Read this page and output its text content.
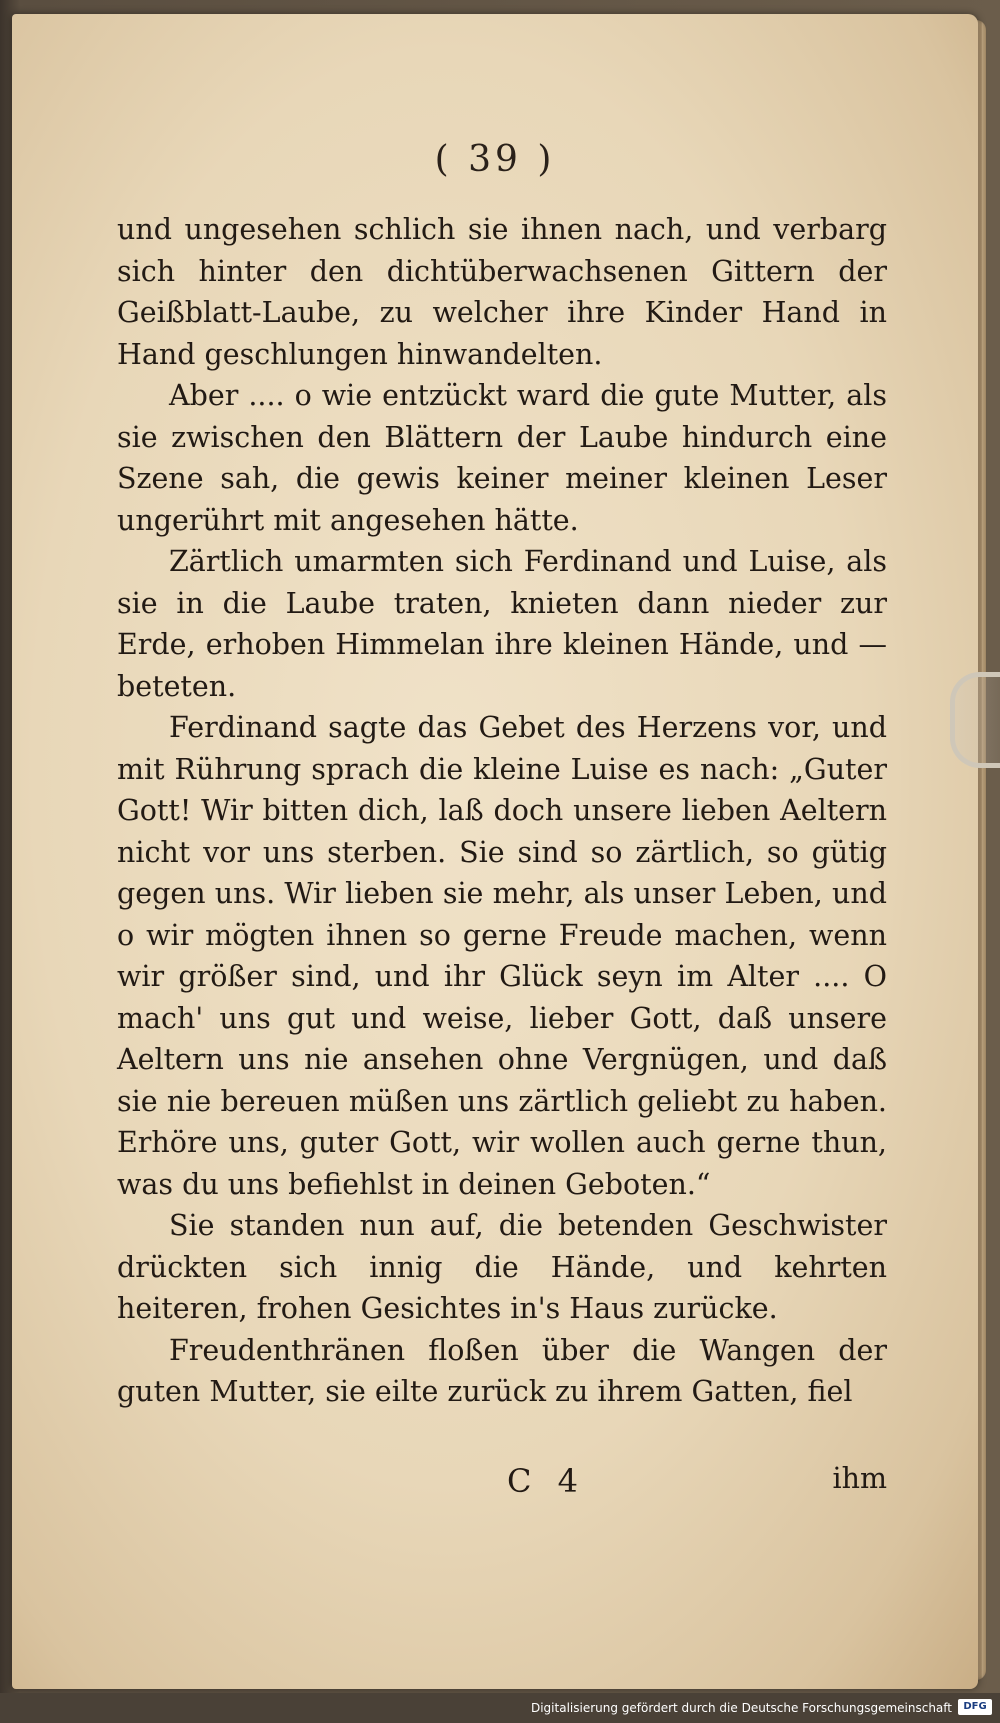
( 39 )

und ungesehen schlich sie ihnen nach, und verbarg sich hinter den dichtüberwachsenen Gittern der Geißblatt-Laube, zu welcher ihre Kinder Hand in Hand geschlungen hinwandelten.

Aber .... o wie entzückt ward die gute Mutter, als sie zwischen den Blättern der Laube hindurch eine Szene sah, die gewis keiner meiner kleinen Leser ungerührt mit angesehen hätte.

Zärtlich umarmten sich Ferdinand und Luise, als sie in die Laube traten, knieten dann nieder zur Erde, erhoben Himmelan ihre kleinen Hände, und — beteten.

Ferdinand sagte das Gebet des Herzens vor, und mit Rührung sprach die kleine Luise es nach: „Guter Gott! Wir bitten dich, laß doch unsere lieben Aeltern nicht vor uns sterben. Sie sind so zärtlich, so gütig gegen uns. Wir lieben sie mehr, als unser Leben, und o wir mögten ihnen so gerne Freude machen, wenn wir größer sind, und ihr Glück seyn im Alter .... O mach' uns gut und weise, lieber Gott, daß unsere Aeltern uns nie ansehen ohne Vergnügen, und daß sie nie bereuen müßen uns zärtlich geliebt zu haben. Erhöre uns, guter Gott, wir wollen auch gerne thun, was du uns befiehlst in deinen Geboten.“

Sie standen nun auf, die betenden Geschwister drückten sich innig die Hände, und kehrten heiteren, frohen Gesichtes in's Haus zurücke.

Freudenthränen floßen über die Wangen der guten Mutter, sie eilte zurück zu ihrem Gatten, fiel

C 4	ihm
Digitalisierung gefördert durch die Deutsche Forschungsgemeinschaft	DFG
